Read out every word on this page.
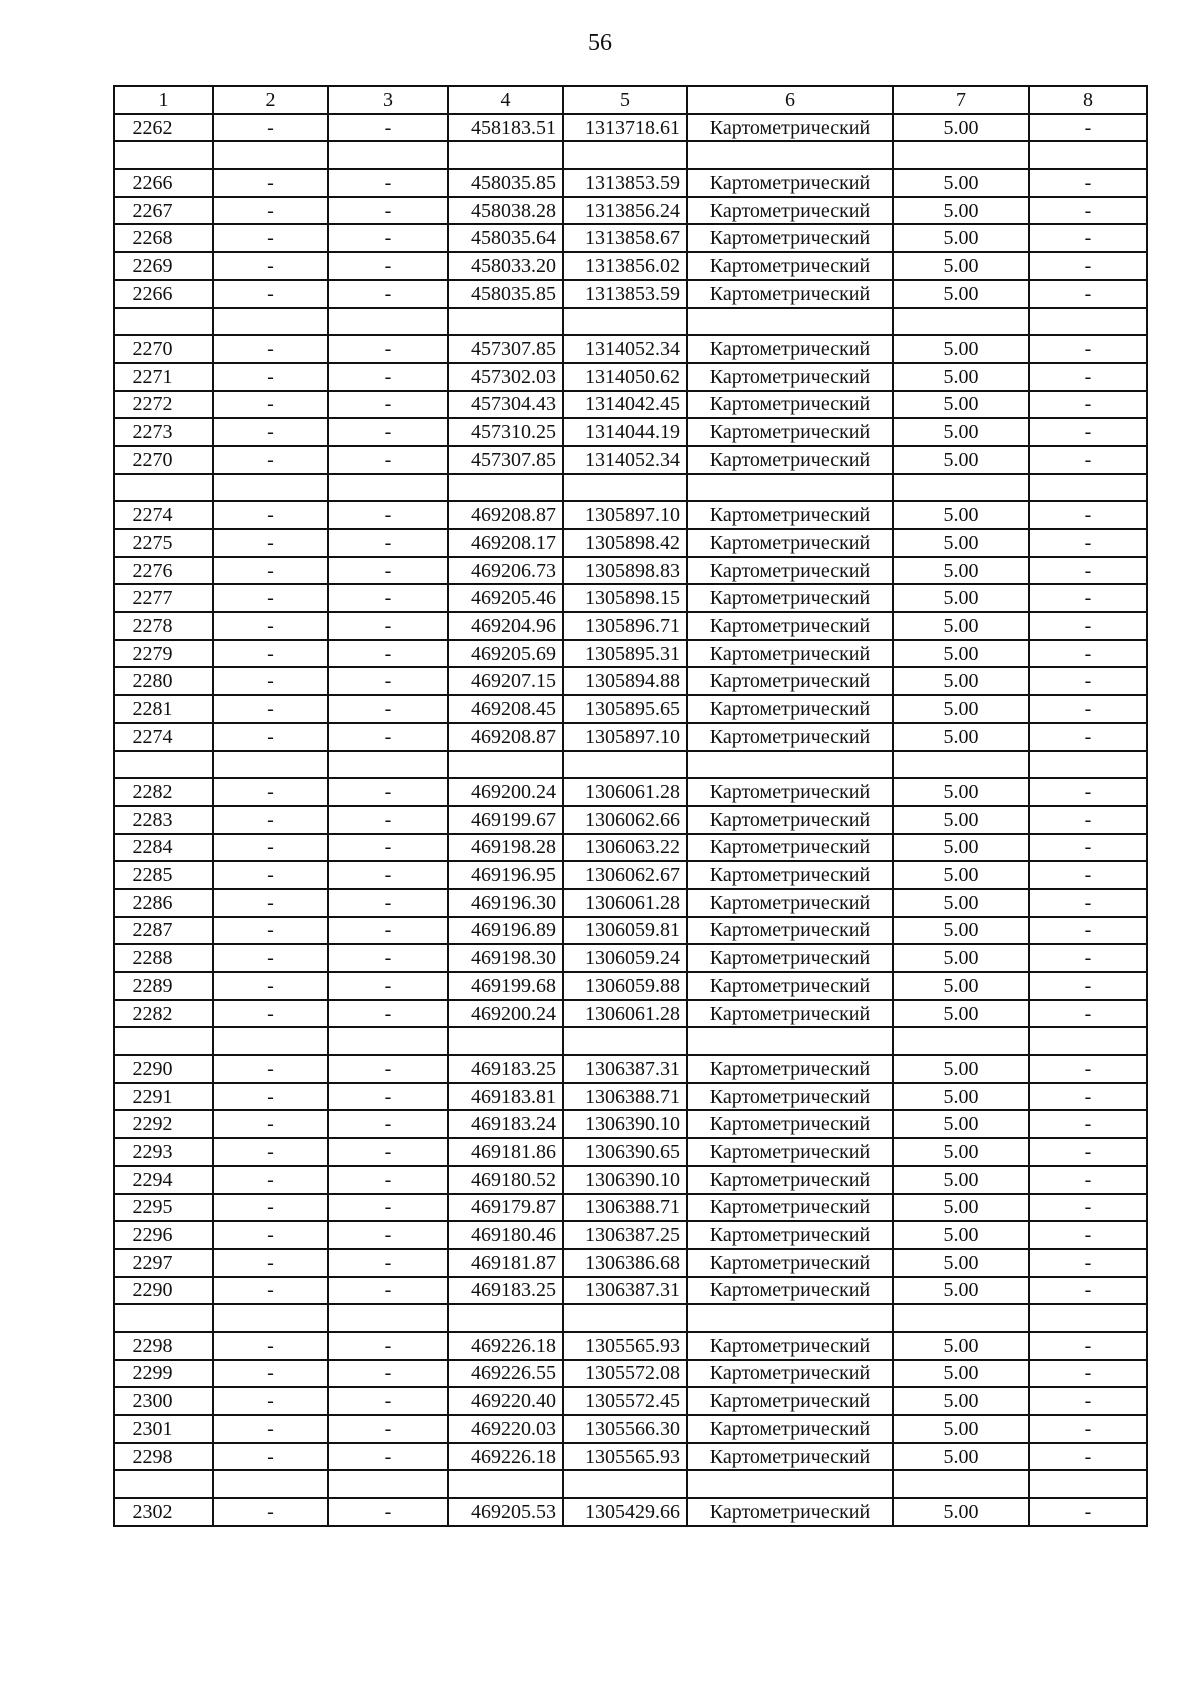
56
1	2	3	4	5	6	7	8
2262	-	-	458183.51	1313718.61	Картометрический	5.00	-

2266	-	-	458035.85	1313853.59	Картометрический	5.00	-
2267	-	-	458038.28	1313856.24	Картометрический	5.00	-
2268	-	-	458035.64	1313858.67	Картометрический	5.00	-
2269	-	-	458033.20	1313856.02	Картометрический	5.00	-
2266	-	-	458035.85	1313853.59	Картометрический	5.00	-

2270	-	-	457307.85	1314052.34	Картометрический	5.00	-
2271	-	-	457302.03	1314050.62	Картометрический	5.00	-
2272	-	-	457304.43	1314042.45	Картометрический	5.00	-
2273	-	-	457310.25	1314044.19	Картометрический	5.00	-
2270	-	-	457307.85	1314052.34	Картометрический	5.00	-

2274	-	-	469208.87	1305897.10	Картометрический	5.00	-
2275	-	-	469208.17	1305898.42	Картометрический	5.00	-
2276	-	-	469206.73	1305898.83	Картометрический	5.00	-
2277	-	-	469205.46	1305898.15	Картометрический	5.00	-
2278	-	-	469204.96	1305896.71	Картометрический	5.00	-
2279	-	-	469205.69	1305895.31	Картометрический	5.00	-
2280	-	-	469207.15	1305894.88	Картометрический	5.00	-
2281	-	-	469208.45	1305895.65	Картометрический	5.00	-
2274	-	-	469208.87	1305897.10	Картометрический	5.00	-

2282	-	-	469200.24	1306061.28	Картометрический	5.00	-
2283	-	-	469199.67	1306062.66	Картометрический	5.00	-
2284	-	-	469198.28	1306063.22	Картометрический	5.00	-
2285	-	-	469196.95	1306062.67	Картометрический	5.00	-
2286	-	-	469196.30	1306061.28	Картометрический	5.00	-
2287	-	-	469196.89	1306059.81	Картометрический	5.00	-
2288	-	-	469198.30	1306059.24	Картометрический	5.00	-
2289	-	-	469199.68	1306059.88	Картометрический	5.00	-
2282	-	-	469200.24	1306061.28	Картометрический	5.00	-

2290	-	-	469183.25	1306387.31	Картометрический	5.00	-
2291	-	-	469183.81	1306388.71	Картометрический	5.00	-
2292	-	-	469183.24	1306390.10	Картометрический	5.00	-
2293	-	-	469181.86	1306390.65	Картометрический	5.00	-
2294	-	-	469180.52	1306390.10	Картометрический	5.00	-
2295	-	-	469179.87	1306388.71	Картометрический	5.00	-
2296	-	-	469180.46	1306387.25	Картометрический	5.00	-
2297	-	-	469181.87	1306386.68	Картометрический	5.00	-
2290	-	-	469183.25	1306387.31	Картометрический	5.00	-

2298	-	-	469226.18	1305565.93	Картометрический	5.00	-
2299	-	-	469226.55	1305572.08	Картометрический	5.00	-
2300	-	-	469220.40	1305572.45	Картометрический	5.00	-
2301	-	-	469220.03	1305566.30	Картометрический	5.00	-
2298	-	-	469226.18	1305565.93	Картометрический	5.00	-

2302	-	-	469205.53	1305429.66	Картометрический	5.00	-
